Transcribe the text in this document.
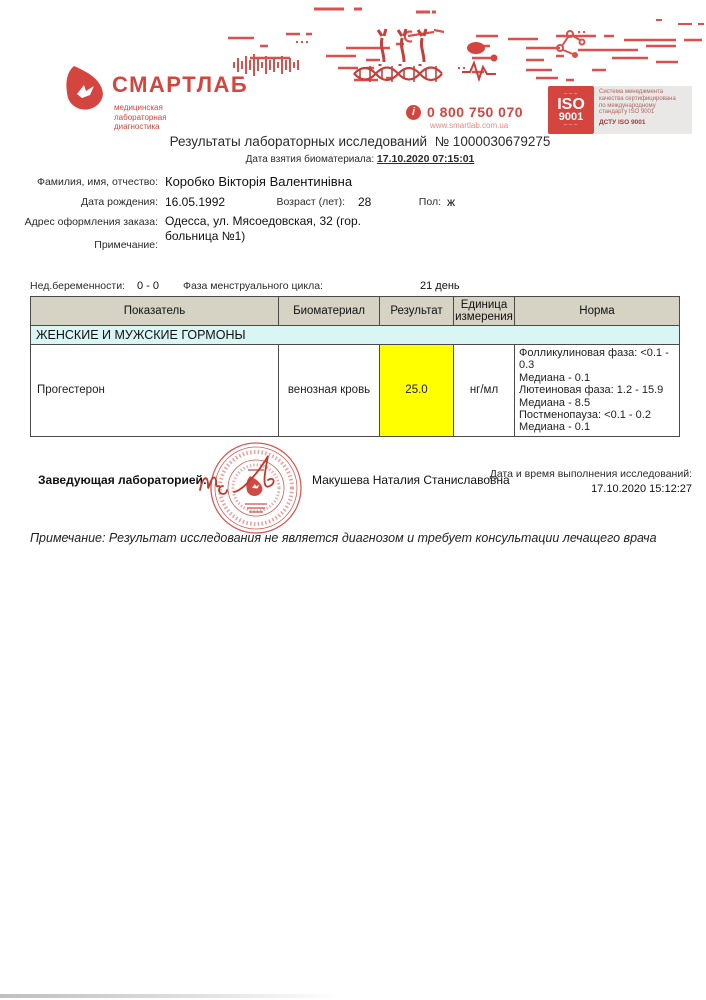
СМАРТЛАБ
медицинская
лабораторная
диагностика
i 0 800 750 070
www.smartlab.com.ua
⌢⌢⌢
ISO
9001
⌣⌣⌣
Система менеджмента
качества сертифицирована
по международному
стандарту ISO 9001
ДСТУ ISO 9001
Результаты лабораторных исследований № 1000030679275
Дата взятия биоматериала: 17.10.2020 07:15:01
Фамилия, имя, отчество: Коробко Вікторія Валентинівна
Дата рождения: 16.05.1992	Возраст (лет): 28	Пол: ж
Адрес оформления заказа: Одесса, ул. Мясоедовская, 32 (гор.
больница №1)
Примечание:
Нед.беременности: 0 - 0 Фаза менструального цикла:	21 день
Показатель	Биоматериал	Результат	Единица измерения	Норма
ЖЕНСКИЕ И МУЖСКИЕ ГОРМОНЫ				
Прогестерон	венозная кровь	25.0	нг/мл	
Фолликулиновая фаза: <0.1 - 0.3
Медиана - 0.1
Лютеиновая фаза: 1.2 - 15.9
Медиана - 8.5
Постменопауза: <0.1 - 0.2
Медиана - 0.1
Заведующая лабораторией:	Макушева Наталия Станиславовна
Дата и время выполнения исследований:
17.10.2020 15:12:27
Примечание: Результат исследования не является диагнозом и требует консультации лечащего врача
